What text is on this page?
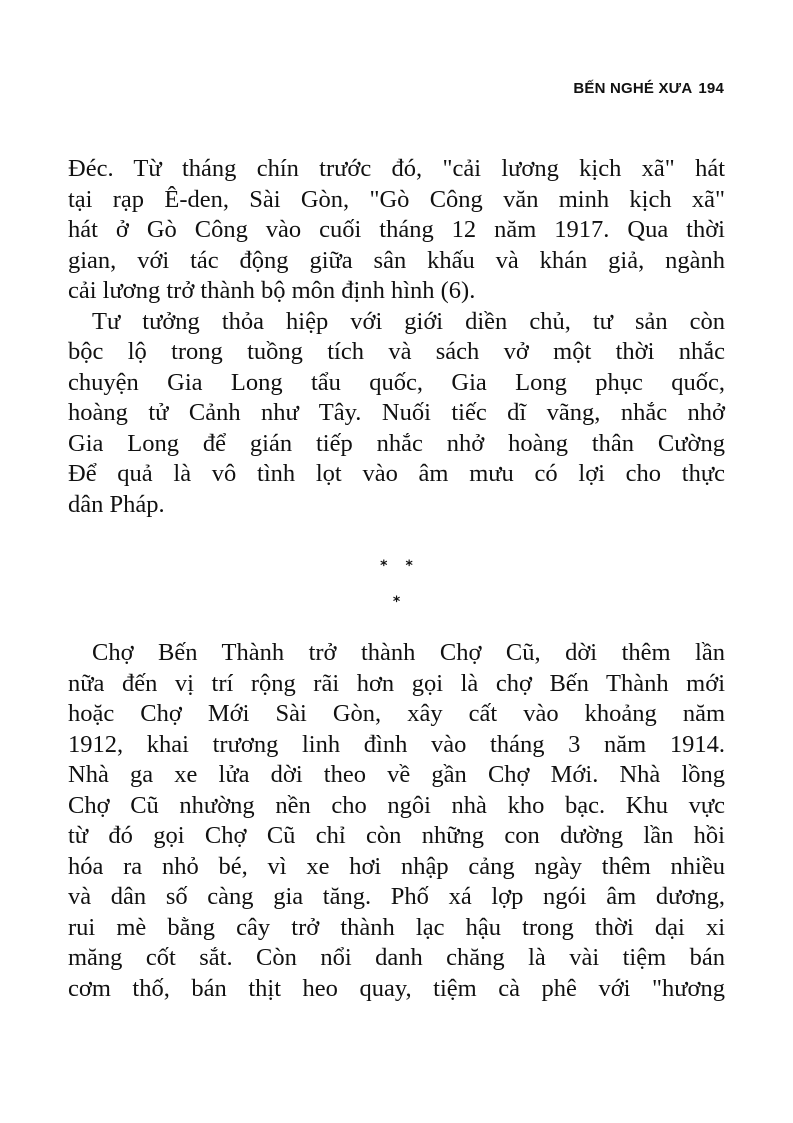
BẾN NGHÉ XƯA 194
Đéc. Từ tháng chín trước đó, "cải lương kịch xã" hát
tại rạp Ê-den, Sài Gòn, "Gò Công văn minh kịch xã"
hát ở Gò Công vào cuối tháng 12 năm 1917. Qua thời
gian, với tác động giữa sân khấu và khán giả, ngành
cải lương trở thành bộ môn định hình (6).
Tư tưởng thỏa hiệp với giới diền chủ, tư sản còn
bộc lộ trong tuồng tích và sách vở một thời nhắc
chuyện Gia Long tẩu quốc, Gia Long phục quốc,
hoàng tử Cảnh như Tây. Nuối tiếc dĩ vãng, nhắc nhở
Gia Long để gián tiếp nhắc nhở hoàng thân Cường
Để quả là vô tình lọt vào âm mưu có lợi cho thực
dân Pháp.
* *
*
Chợ Bến Thành trở thành Chợ Cũ, dời thêm lần
nữa đến vị trí rộng rãi hơn gọi là chợ Bến Thành mới
hoặc Chợ Mới Sài Gòn, xây cất vào khoảng năm
1912, khai trương linh đình vào tháng 3 năm 1914.
Nhà ga xe lửa dời theo về gần Chợ Mới. Nhà lồng
Chợ Cũ nhường nền cho ngôi nhà kho bạc. Khu vực
từ đó gọi Chợ Cũ chỉ còn những con dường lần hồi
hóa ra nhỏ bé, vì xe hơi nhập cảng ngày thêm nhiều
và dân số càng gia tăng. Phố xá lợp ngói âm dương,
rui mè bằng cây trở thành lạc hậu trong thời dại xi
măng cốt sắt. Còn nổi danh chăng là vài tiệm bán
cơm thố, bán thịt heo quay, tiệm cà phê với "hương
